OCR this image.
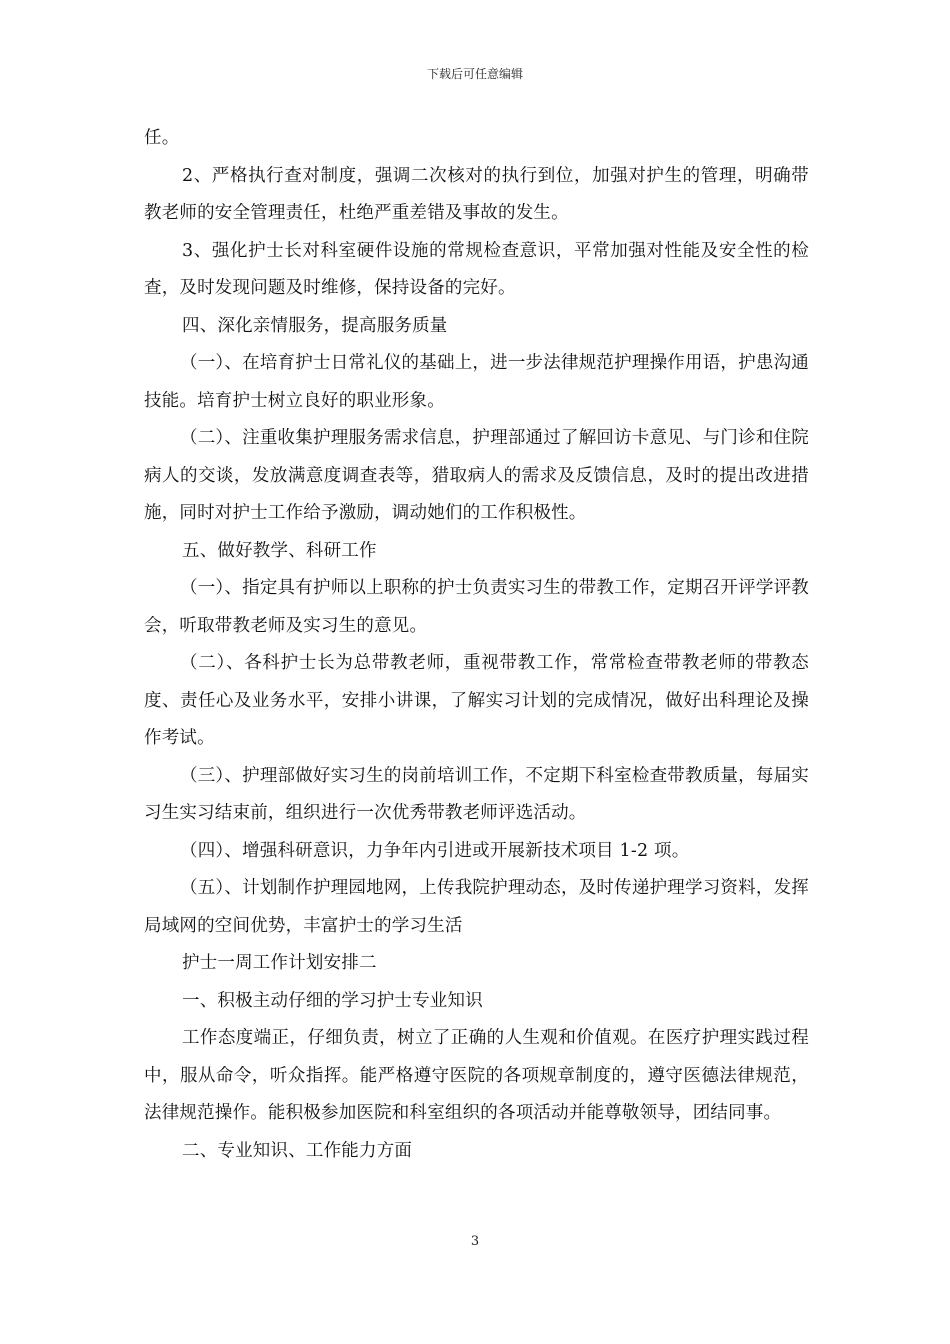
下载后可任意编辑

任。

2、严格执行查对制度，强调二次核对的执行到位，加强对护生的管理，明确带教老师的安全管理责任，杜绝严重差错及事故的发生。

3、强化护士长对科室硬件设施的常规检查意识，平常加强对性能及安全性的检查，及时发现问题及时维修，保持设备的完好。

四、深化亲情服务，提高服务质量

（一）、在培育护士日常礼仪的基础上，进一步法律规范护理操作用语，护患沟通技能。培育护士树立良好的职业形象。

（二）、注重收集护理服务需求信息，护理部通过了解回访卡意见、与门诊和住院病人的交谈，发放满意度调查表等，猎取病人的需求及反馈信息，及时的提出改进措施，同时对护士工作给予激励，调动她们的工作积极性。

五、做好教学、科研工作

（一）、指定具有护师以上职称的护士负责实习生的带教工作，定期召开评学评教会，听取带教老师及实习生的意见。

（二）、各科护士长为总带教老师，重视带教工作，常常检查带教老师的带教态度、责任心及业务水平，安排小讲课，了解实习计划的完成情况，做好出科理论及操作考试。

（三）、护理部做好实习生的岗前培训工作，不定期下科室检查带教质量，每届实习生实习结束前，组织进行一次优秀带教老师评选活动。

（四）、增强科研意识，力争年内引进或开展新技术项目 1-2 项。

（五）、计划制作护理园地网，上传我院护理动态，及时传递护理学习资料，发挥局域网的空间优势，丰富护士的学习生活

护士一周工作计划安排二

一、积极主动仔细的学习护士专业知识

工作态度端正，仔细负责，树立了正确的人生观和价值观。在医疗护理实践过程中，服从命令，听众指挥。能严格遵守医院的各项规章制度的，遵守医德法律规范，法律规范操作。能积极参加医院和科室组织的各项活动并能尊敬领导，团结同事。

二、专业知识、工作能力方面

3
